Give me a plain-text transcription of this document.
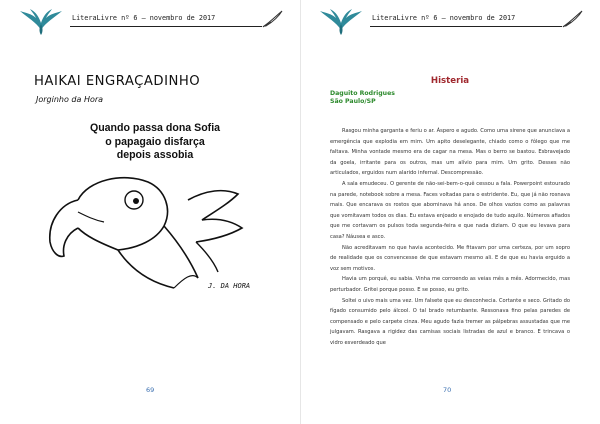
LiteraLivre nº 6 – novembro de 2017
HAIKAI ENGRAÇADINHO
Jorginho da Hora
Quando passa dona Sofia
o papagaio disfarça
depois assobia
J. DA HORA
69
LiteraLivre nº 6 – novembro de 2017
Histeria
Daguito Rodrigues
São Paulo/SP

Rasgou minha garganta e feriu o ar. Áspero e agudo. Como uma sirene que anunciava a emergência que explodia em mim. Um apito deselegante, chiado como o fôlego que me faltava. Minha vontade mesmo era de cagar na mesa. Mas o berro se bastou. Esbravejado da goela, irritante para os outros, mas um alívio para mim. Um grito. Desses não articulados, erguidos num alarido infernal. Descompressão.

A sala emudeceu. O gerente de não-sei-bem-o-quê cessou a fala. Powerpoint estourado na parede, notebook sobre a mesa. Faces voltadas para o estridente. Eu, que já não rosnava mais. Que encarava os rostos que abominava há anos. De olhos vazios como as palavras que vomitavam todos os dias. Eu estava enjoado e enojado de tudo aquilo. Números afiados que me cortavam os pulsos toda segunda-feira e que nada diziam. O que eu levava para casa? Náusea e asco.

Não acreditavam no que havia acontecido. Me fitavam por uma certeza, por um sopro de realidade que os convencesse de que estavam mesmo ali. E de que eu havia erguido a voz sem motivos.

Havia um porquê, eu sabia. Vinha me corroendo as veias mês a mês. Adormecido, mas perturbador. Gritei porque posso. E se posso, eu grito.

Soltei o uivo mais uma vez. Um falsete que eu desconhecia. Cortante e seco. Gritado do fígado consumido pelo álcool. O tal brado retumbante. Ressonava fino pelas paredes de compensado e pelo carpete cinza. Meu agudo fazia tremer as pálpebras assustadas que me julgavam. Rasgava a rigidez das camisas sociais listradas de azul e branco. E trincava o vidro esverdeado que

70
